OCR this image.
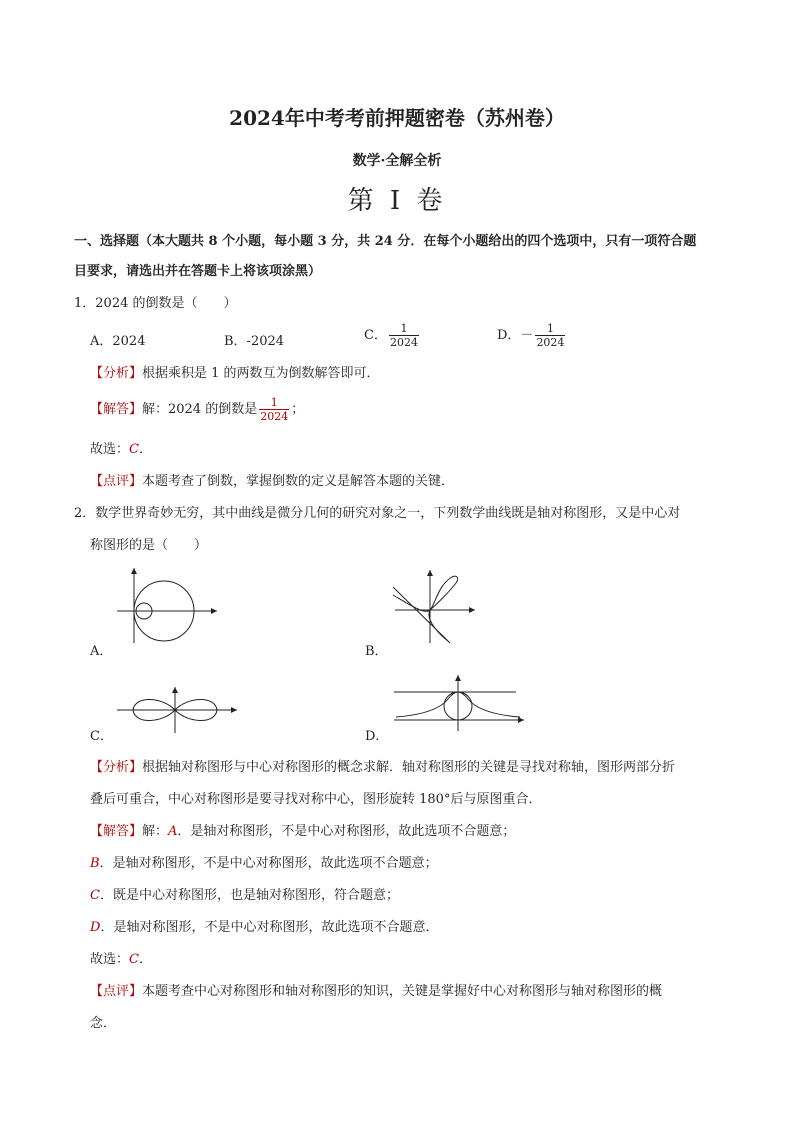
2024年中考考前押题密卷（苏州卷）
数学·全解全析
第 I 卷
一、选择题（本大题共 8 个小题，每小题 3 分，共 24 分．在每个小题给出的四个选项中，只有一项符合题
目要求，请选出并在答题卡上将该项涂黑）
1．2024 的倒数是（　　）
A．2024	B．-2024	C． $\frac{1}{2024}$	D．－ $\frac{1}{2024}$
【分析】根据乘积是 1 的两数互为倒数解答即可．
【解答】解：2024 的倒数是 $\frac{1}{2024}$ ；
故选：C．
【点评】本题考查了倒数，掌握倒数的定义是解答本题的关键．
2．数学世界奇妙无穷，其中曲线是微分几何的研究对象之一，下列数学曲线既是轴对称图形，又是中心对
称图形的是（　　）
A．	B．
C．	D．
【分析】根据轴对称图形与中心对称图形的概念求解．轴对称图形的关键是寻找对称轴，图形两部分折
叠后可重合，中心对称图形是要寻找对称中心，图形旋转 180°后与原图重合．
【解答】解：A．是轴对称图形，不是中心对称图形，故此选项不合题意；
B．是轴对称图形，不是中心对称图形，故此选项不合题意；
C．既是中心对称图形，也是轴对称图形，符合题意；
D．是轴对称图形，不是中心对称图形，故此选项不合题意．
故选：C．
【点评】本题考查中心对称图形和轴对称图形的知识，关键是掌握好中心对称图形与轴对称图形的概
念．
